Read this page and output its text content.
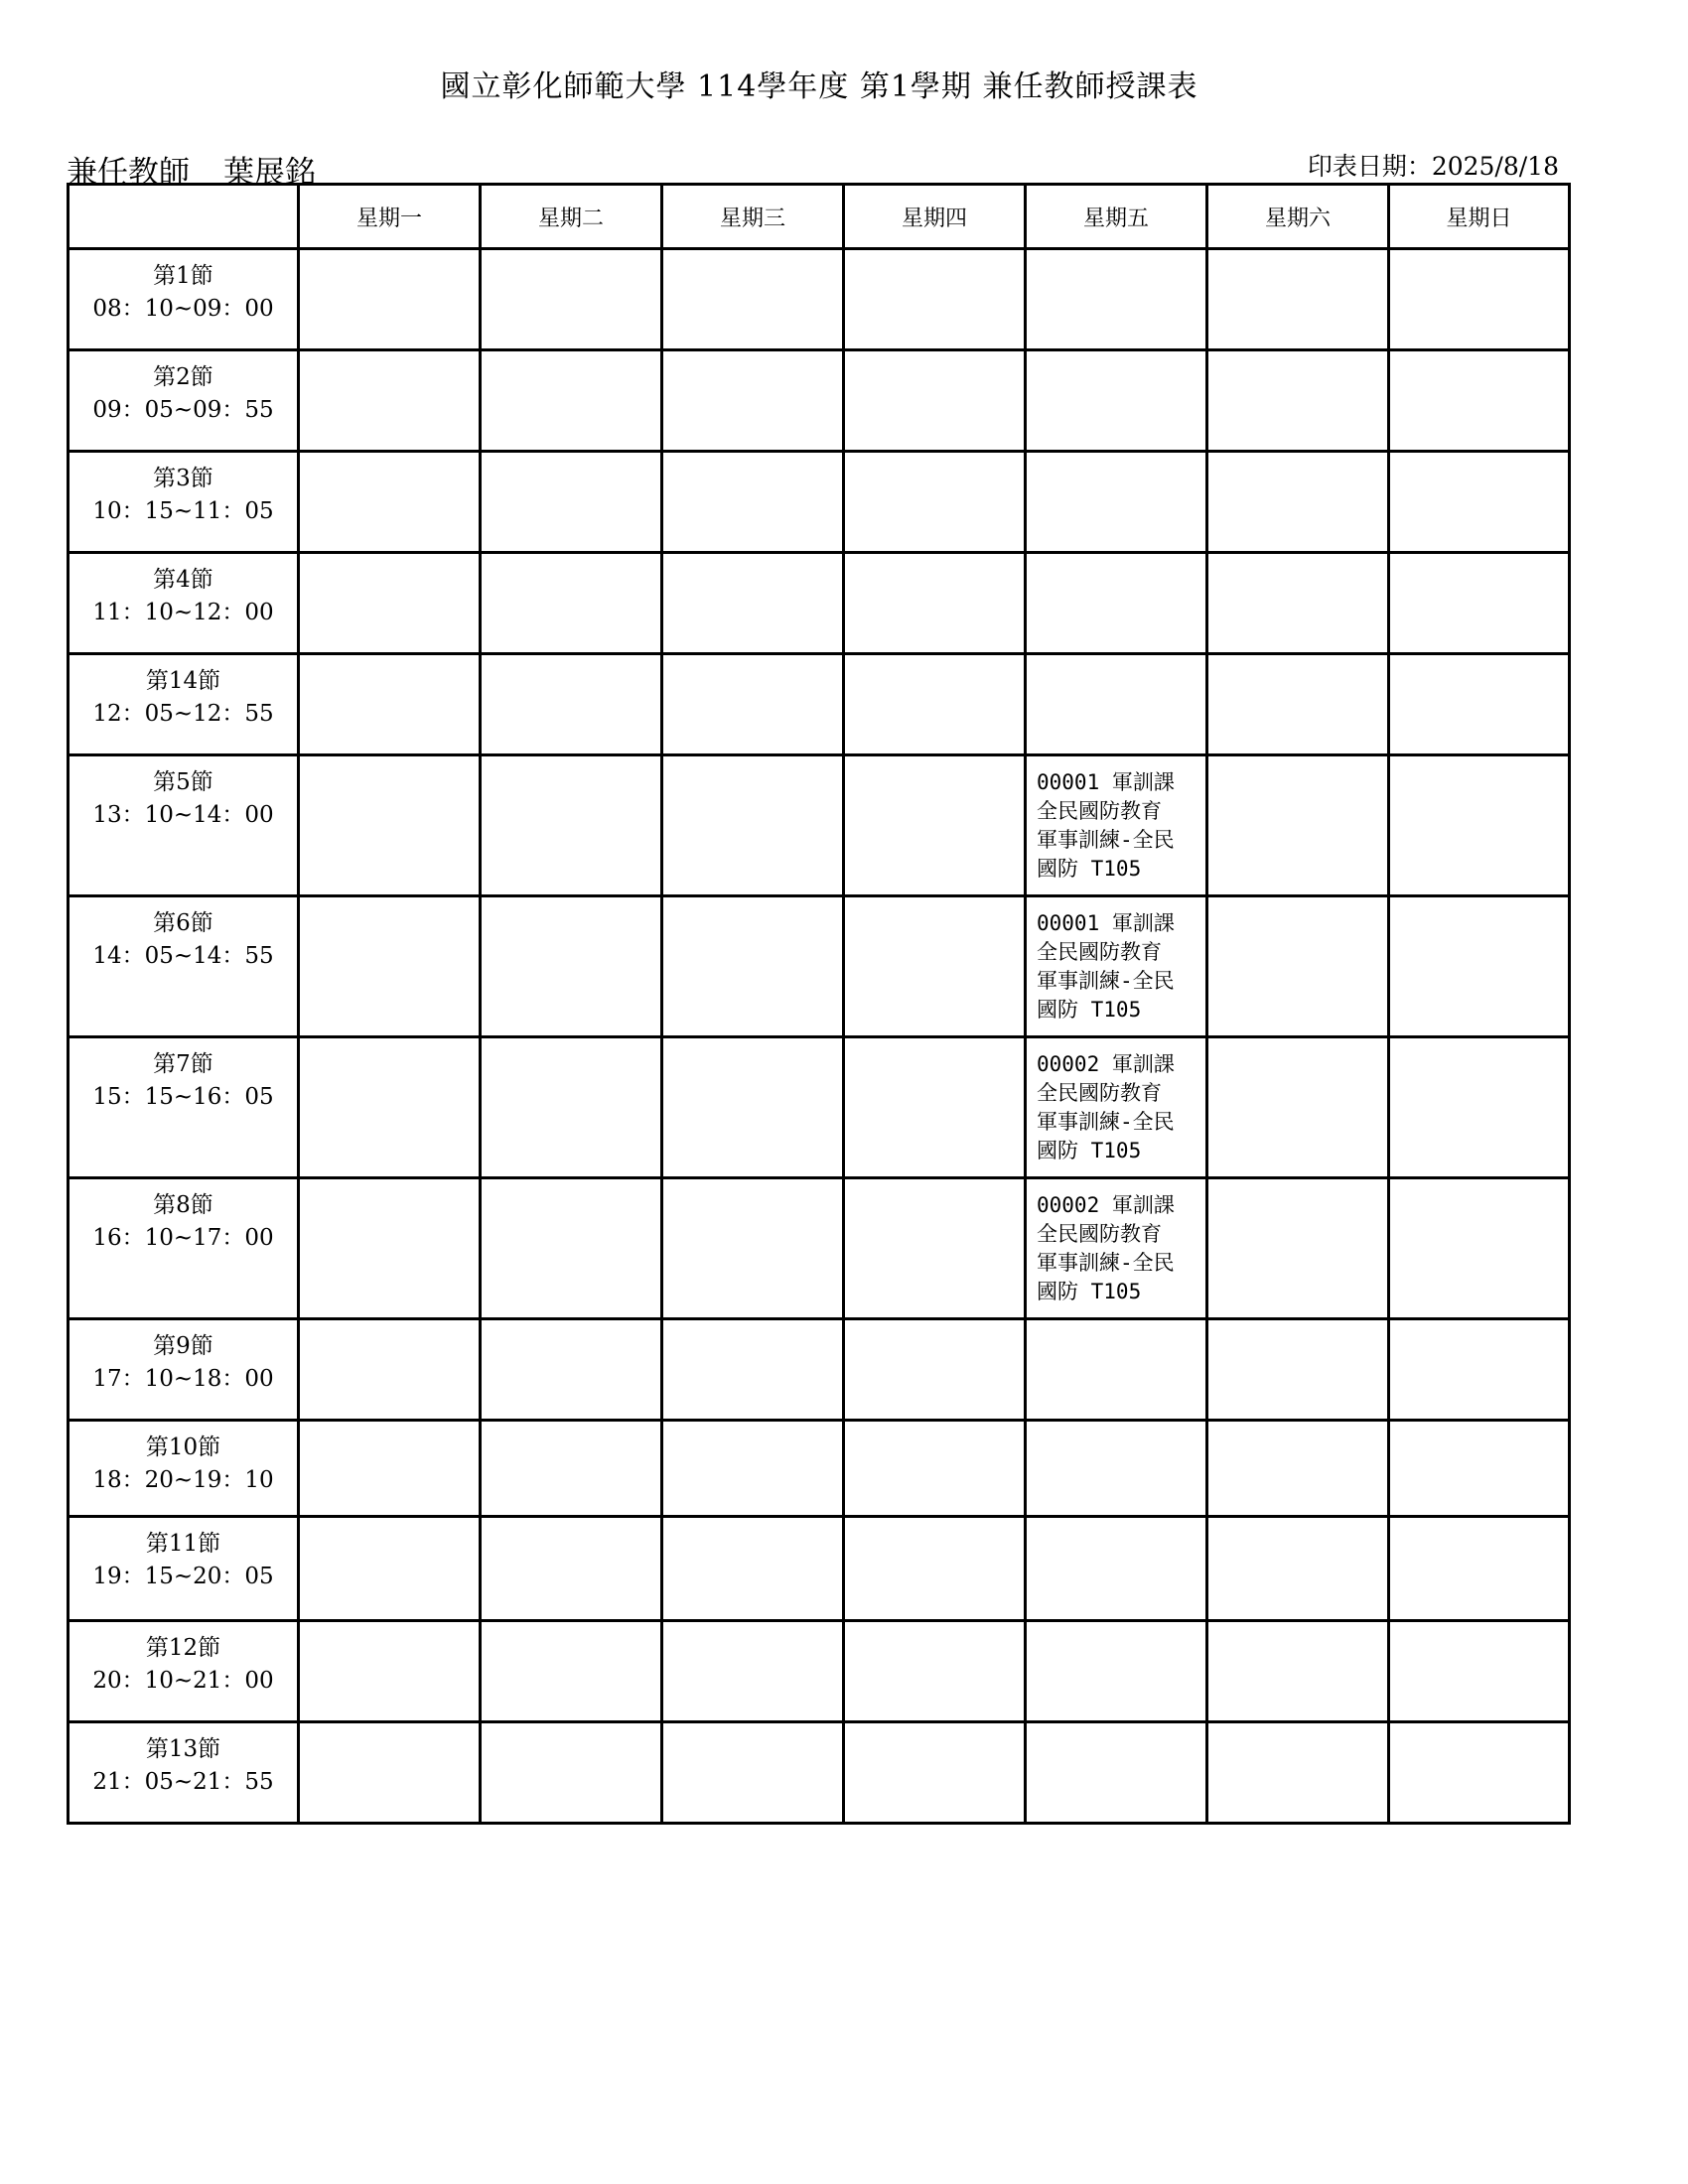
國立彰化師範大學 114學年度 第1學期 兼任教師授課表
兼任教師 葉展銘	印表日期：2025/8/18
	星期一	星期二	星期三	星期四	星期五	星期六	星期日

第1節
08：10~09：00							

第2節
09：05~09：55							

第3節
10：15~11：05							

第4節
11：10~12：00							

第14節
12：05~12：55							

第5節
13：10~14：00					00001 軍訓課
全民國防教育
軍事訓練-全民
國防 T105		

第6節
14：05~14：55					00001 軍訓課
全民國防教育
軍事訓練-全民
國防 T105		

第7節
15：15~16：05					00002 軍訓課
全民國防教育
軍事訓練-全民
國防 T105		

第8節
16：10~17：00					00002 軍訓課
全民國防教育
軍事訓練-全民
國防 T105		

第9節
17：10~18：00							

第10節
18：20~19：10							

第11節
19：15~20：05							

第12節
20：10~21：00							

第13節
21：05~21：55							
